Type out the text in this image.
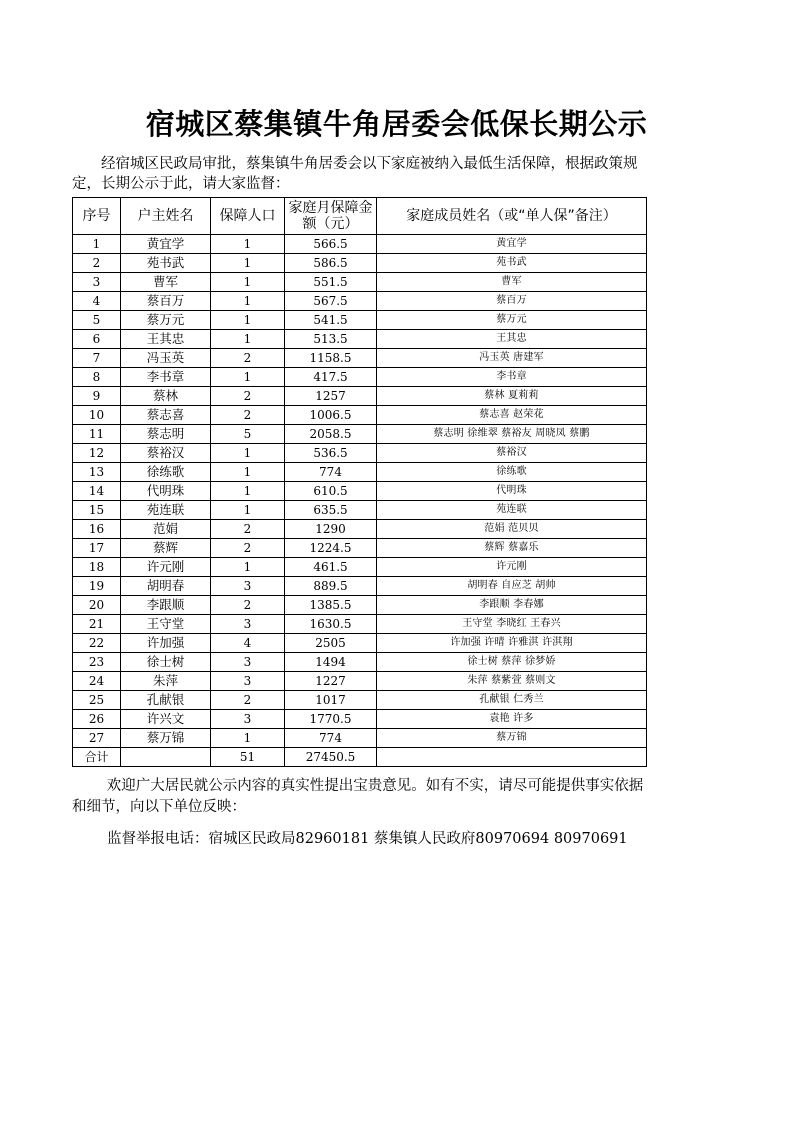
宿城区蔡集镇牛角居委会低保长期公示

经宿城区民政局审批，蔡集镇牛角居委会以下家庭被纳入最低生活保障，根据政策规定，长期公示于此，请大家监督：

序号	户主姓名	保障人口	家庭月保障金额（元）	家庭成员姓名（或“单人保”备注）
1	黄宜学	1	566.5	黄宜学
2	苑书武	1	586.5	苑书武
3	曹军	1	551.5	曹军
4	蔡百万	1	567.5	蔡百万
5	蔡万元	1	541.5	蔡万元
6	王其忠	1	513.5	王其忠
7	冯玉英	2	1158.5	冯玉英 唐建军
8	李书章	1	417.5	李书章
9	蔡林	2	1257	蔡林 夏莉莉
10	蔡志喜	2	1006.5	蔡志喜 赵荣花
11	蔡志明	5	2058.5	蔡志明 徐维翠 蔡裕友 周晓凤 蔡鹏
12	蔡裕汉	1	536.5	蔡裕汉
13	徐练歌	1	774	徐练歌
14	代明珠	1	610.5	代明珠
15	苑连联	1	635.5	苑连联
16	范娟	2	1290	范娟 范贝贝
17	蔡辉	2	1224.5	蔡辉 蔡嘉乐
18	许元刚	1	461.5	许元刚
19	胡明春	3	889.5	胡明春 自应芝 胡帅
20	李跟顺	2	1385.5	李跟顺 李春娜
21	王守堂	3	1630.5	王守堂 李晓红 王春兴
22	许加强	4	2505	许加强 许晴 许雅淇 许淇翔
23	徐士树	3	1494	徐士树 蔡萍 徐梦娇
24	朱萍	3	1227	朱萍 蔡紫萱 蔡则文
25	孔献银	2	1017	孔献银 仁秀兰
26	许兴文	3	1770.5	袁艳 许多
27	蔡万锦	1	774	蔡万锦
合计		51	27450.5	

欢迎广大居民就公示内容的真实性提出宝贵意见。如有不实，请尽可能提供事实依据和细节，向以下单位反映：

监督举报电话：宿城区民政局82960181 蔡集镇人民政府80970694 80970691
